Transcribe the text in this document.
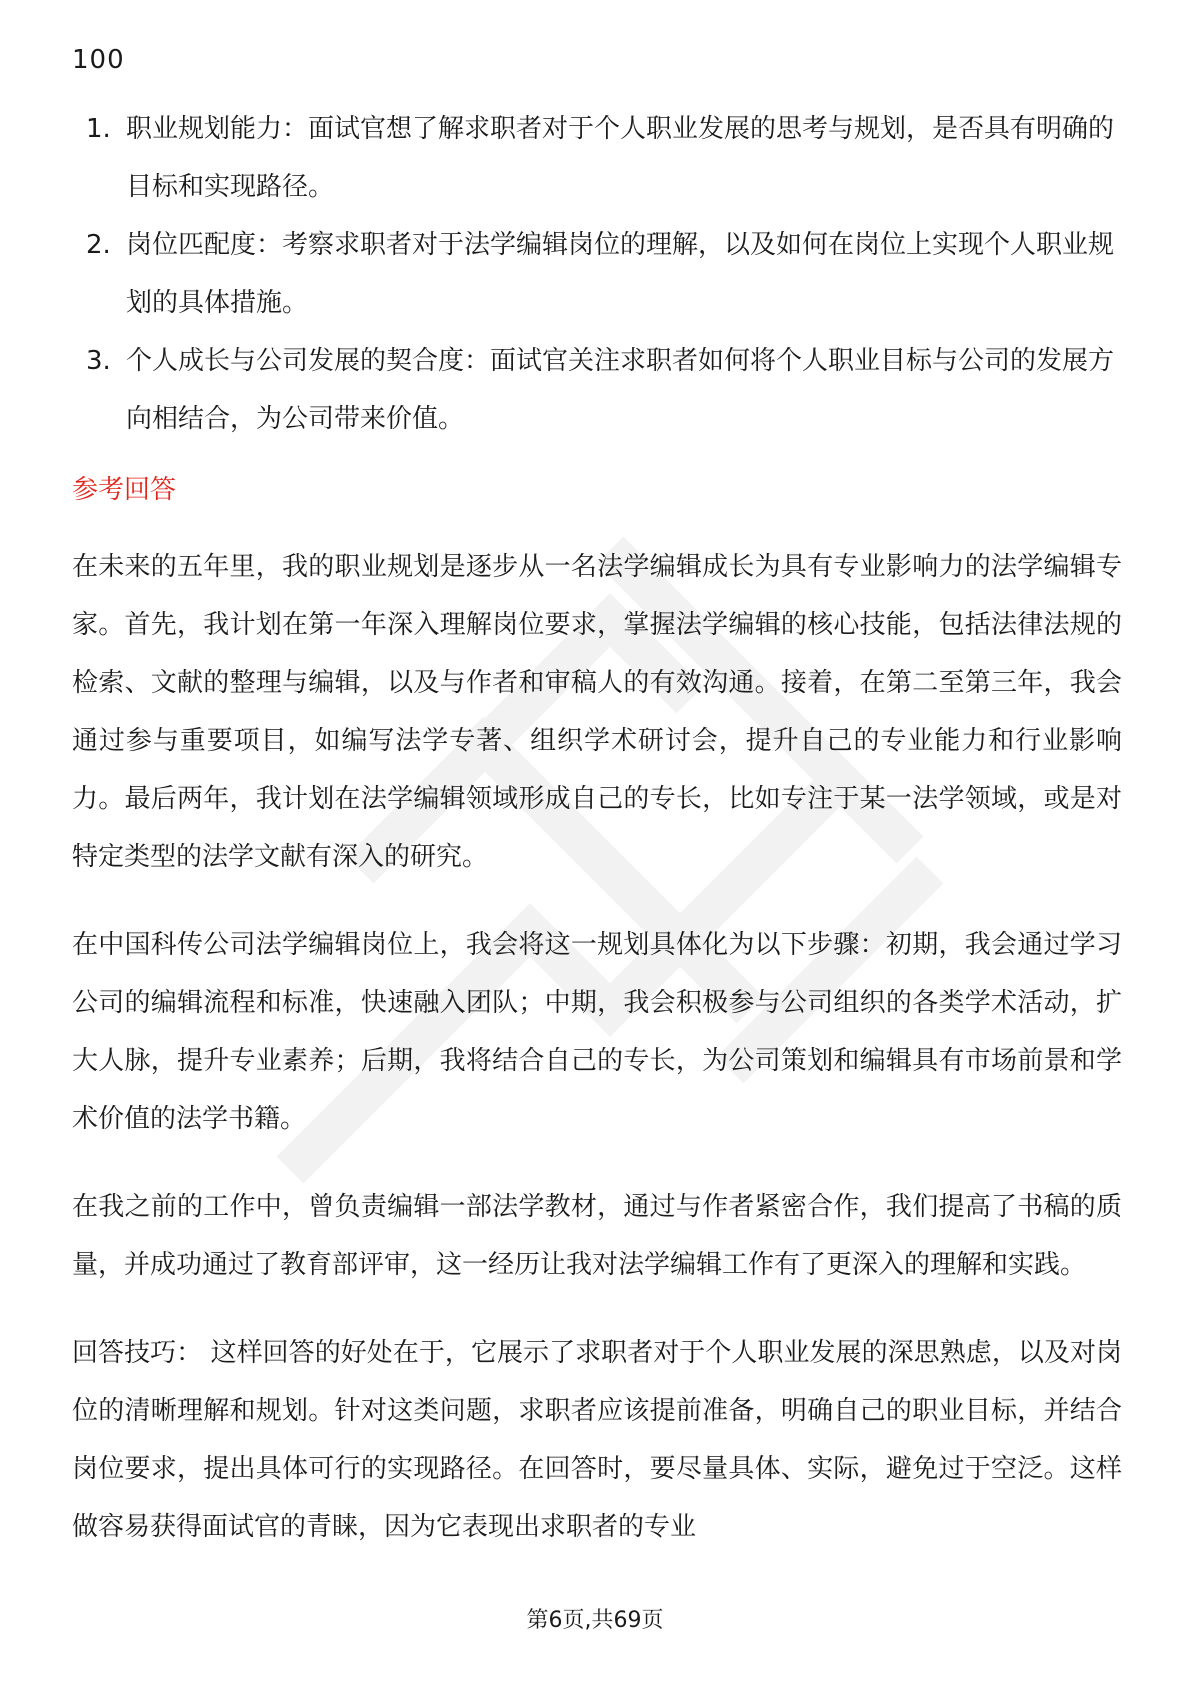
100
1. 职业规划能力：面试官想了解求职者对于个人职业发展的思考与规划，是否具有明确的目标和实现路径。
2. 岗位匹配度：考察求职者对于法学编辑岗位的理解，以及如何在岗位上实现个人职业规划的具体措施。
3. 个人成长与公司发展的契合度：面试官关注求职者如何将个人职业目标与公司的发展方向相结合，为公司带来价值。
参考回答

在未来的五年里，我的职业规划是逐步从一名法学编辑成长为具有专业影响力的法学编辑专家。首先，我计划在第一年深入理解岗位要求，掌握法学编辑的核心技能，包括法律法规的检索、文献的整理与编辑，以及与作者和审稿人的有效沟通。接着，在第二至第三年，我会通过参与重要项目，如编写法学专著、组织学术研讨会，提升自己的专业能力和行业影响力。最后两年，我计划在法学编辑领域形成自己的专长，比如专注于某一法学领域，或是对特定类型的法学文献有深入的研究。

在中国科传公司法学编辑岗位上，我会将这一规划具体化为以下步骤：初期，我会通过学习公司的编辑流程和标准，快速融入团队；中期，我会积极参与公司组织的各类学术活动，扩大人脉，提升专业素养；后期，我将结合自己的专长，为公司策划和编辑具有市场前景和学术价值的法学书籍。

在我之前的工作中，曾负责编辑一部法学教材，通过与作者紧密合作，我们提高了书稿的质量，并成功通过了教育部评审，这一经历让我对法学编辑工作有了更深入的理解和实践。

回答技巧： 这样回答的好处在于，它展示了求职者对于个人职业发展的深思熟虑，以及对岗位的清晰理解和规划。针对这类问题，求职者应该提前准备，明确自己的职业目标，并结合岗位要求，提出具体可行的实现路径。在回答时，要尽量具体、实际，避免过于空泛。这样做容易获得面试官的青睐，因为它表现出求职者的专业

第6页,共69页
